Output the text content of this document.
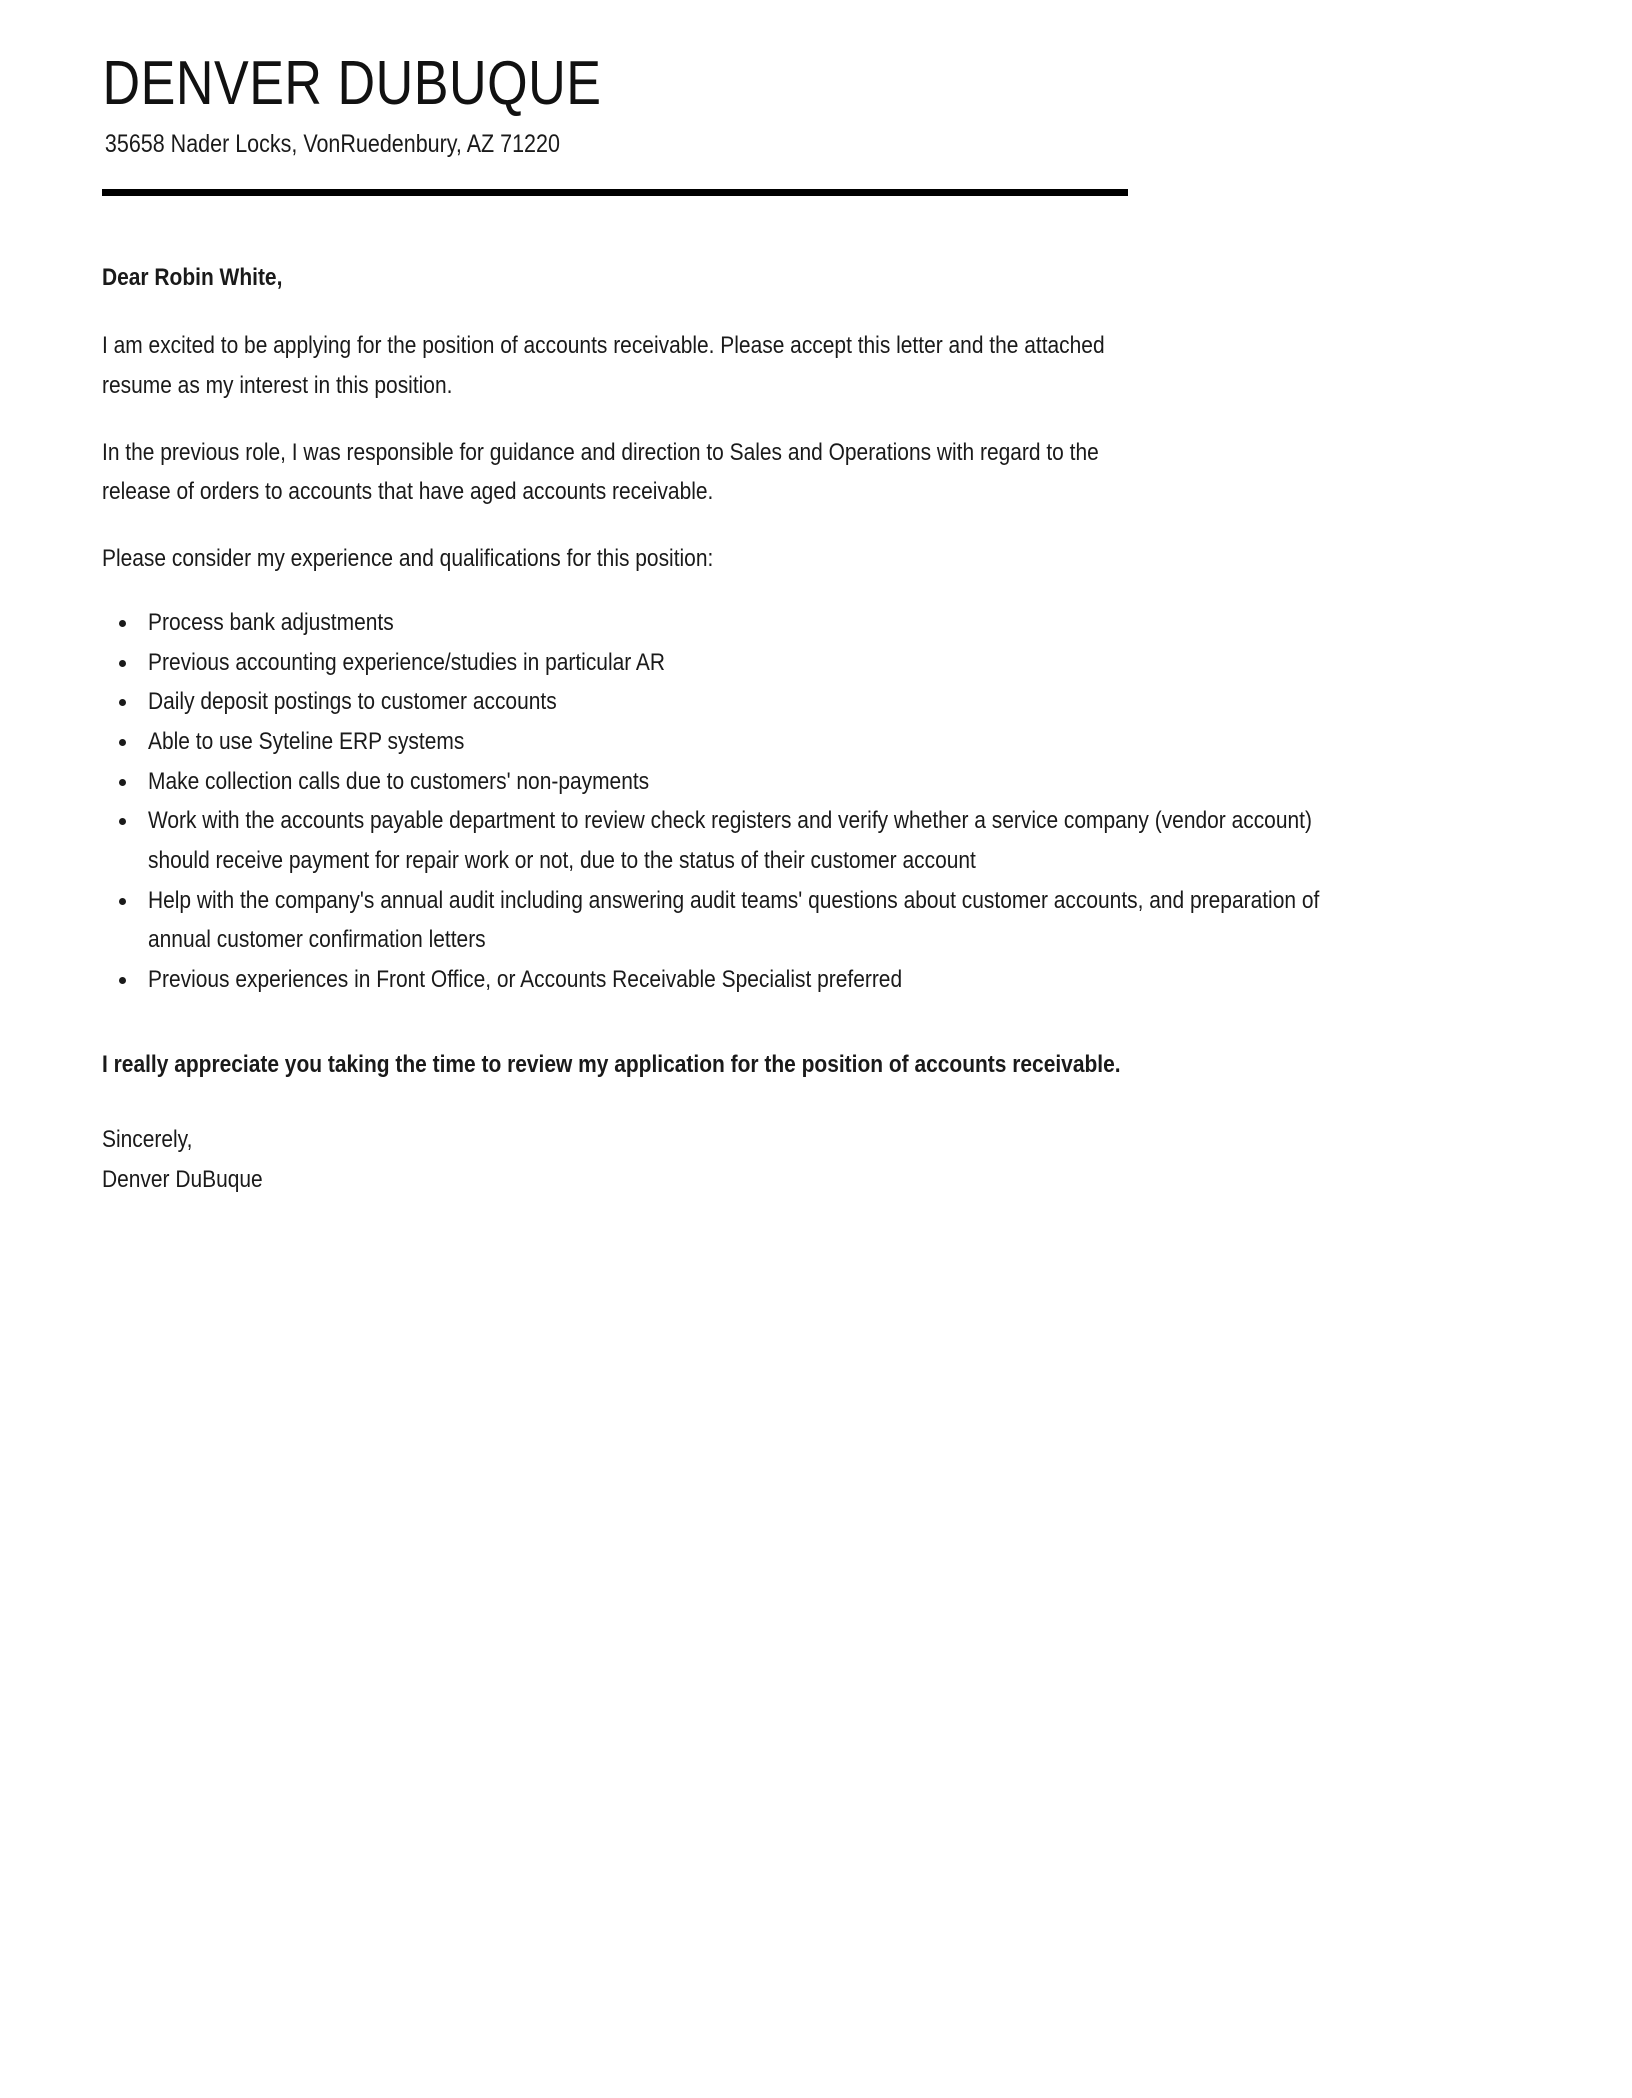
DENVER DUBUQUE

35658 Nader Locks, VonRuedenbury, AZ 71220

Dear Robin White,

I am excited to be applying for the position of accounts receivable. Please accept this letter and the attached resume as my interest in this position.

In the previous role, I was responsible for guidance and direction to Sales and Operations with regard to the release of orders to accounts that have aged accounts receivable.

Please consider my experience and qualifications for this position:

Process bank adjustments
Previous accounting experience/studies in particular AR
Daily deposit postings to customer accounts
Able to use Syteline ERP systems
Make collection calls due to customers' non-payments
Work with the accounts payable department to review check registers and verify whether a service company (vendor account) should receive payment for repair work or not, due to the status of their customer account
Help with the company's annual audit including answering audit teams' questions about customer accounts, and preparation of annual customer confirmation letters
Previous experiences in Front Office, or Accounts Receivable Specialist preferred

I really appreciate you taking the time to review my application for the position of accounts receivable.

Sincerely,

Denver DuBuque
